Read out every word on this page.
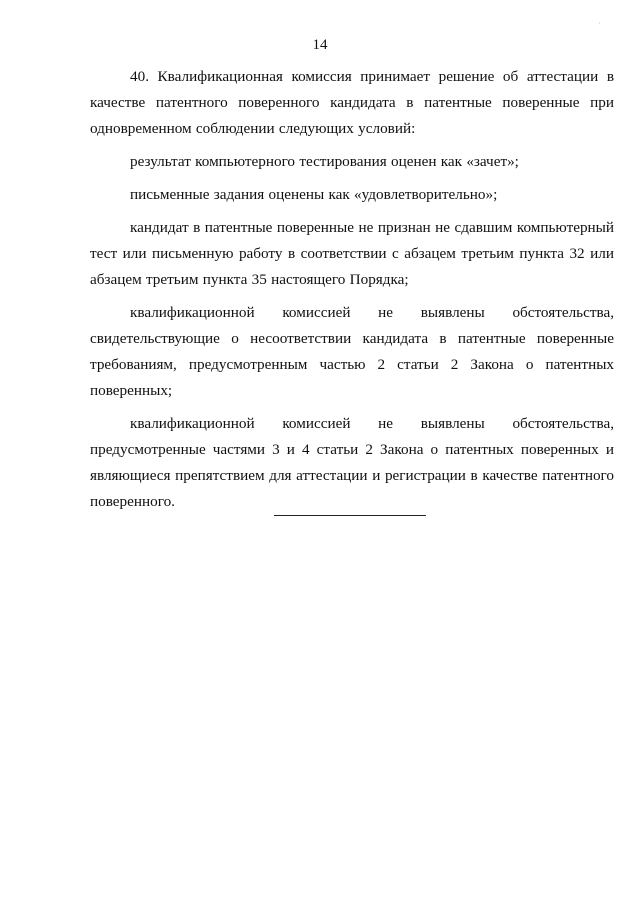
·
14

40. Квалификационная комиссия принимает решение об аттестации в качестве патентного поверенного кандидата в патентные поверенные при одновременном соблюдении следующих условий:

результат компьютерного тестирования оценен как «зачет»;

письменные задания оценены как «удовлетворительно»;

кандидат в патентные поверенные не признан не сдавшим компьютерный тест или письменную работу в соответствии с абзацем третьим пункта 32 или абзацем третьим пункта 35 настоящего Порядка;

квалификационной комиссией не выявлены обстоятельства, свидетельствующие о несоответствии кандидата в патентные поверенные требованиям, предусмотренным частью 2 статьи 2 Закона о патентных поверенных;

квалификационной комиссией не выявлены обстоятельства, предусмотренные частями 3 и 4 статьи 2 Закона о патентных поверенных и являющиеся препятствием для аттестации и регистрации в качестве патентного поверенного.
